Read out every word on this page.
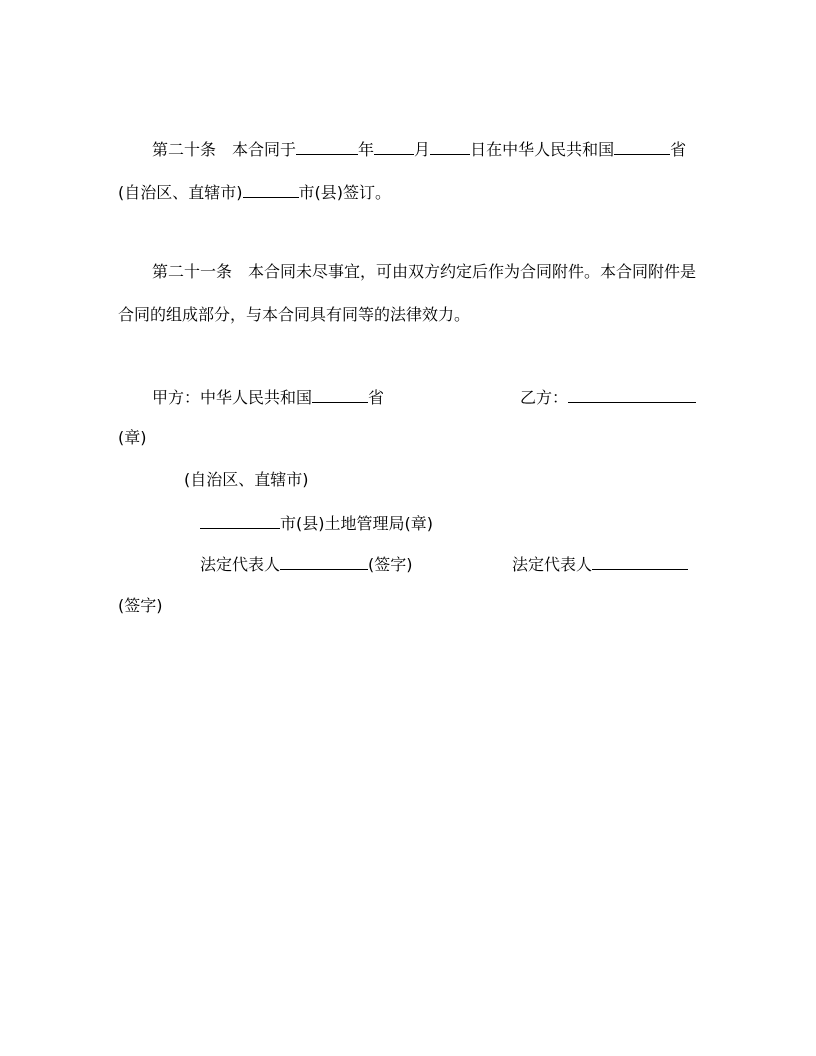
第二十条 本合同于	年	月	日在中华人民共和国	省
(自治区、直辖市)	市(县)签订。
第二十一条 本合同未尽事宜，可由双方约定后作为合同附件。本合同附件是
合同的组成部分，与本合同具有同等的法律效力。
甲方：中华人民共和国	省	乙方：
(章)
(自治区、直辖市)
市(县)土地管理局(章)
法定代表人	(签字)	法定代表人
(签字)
